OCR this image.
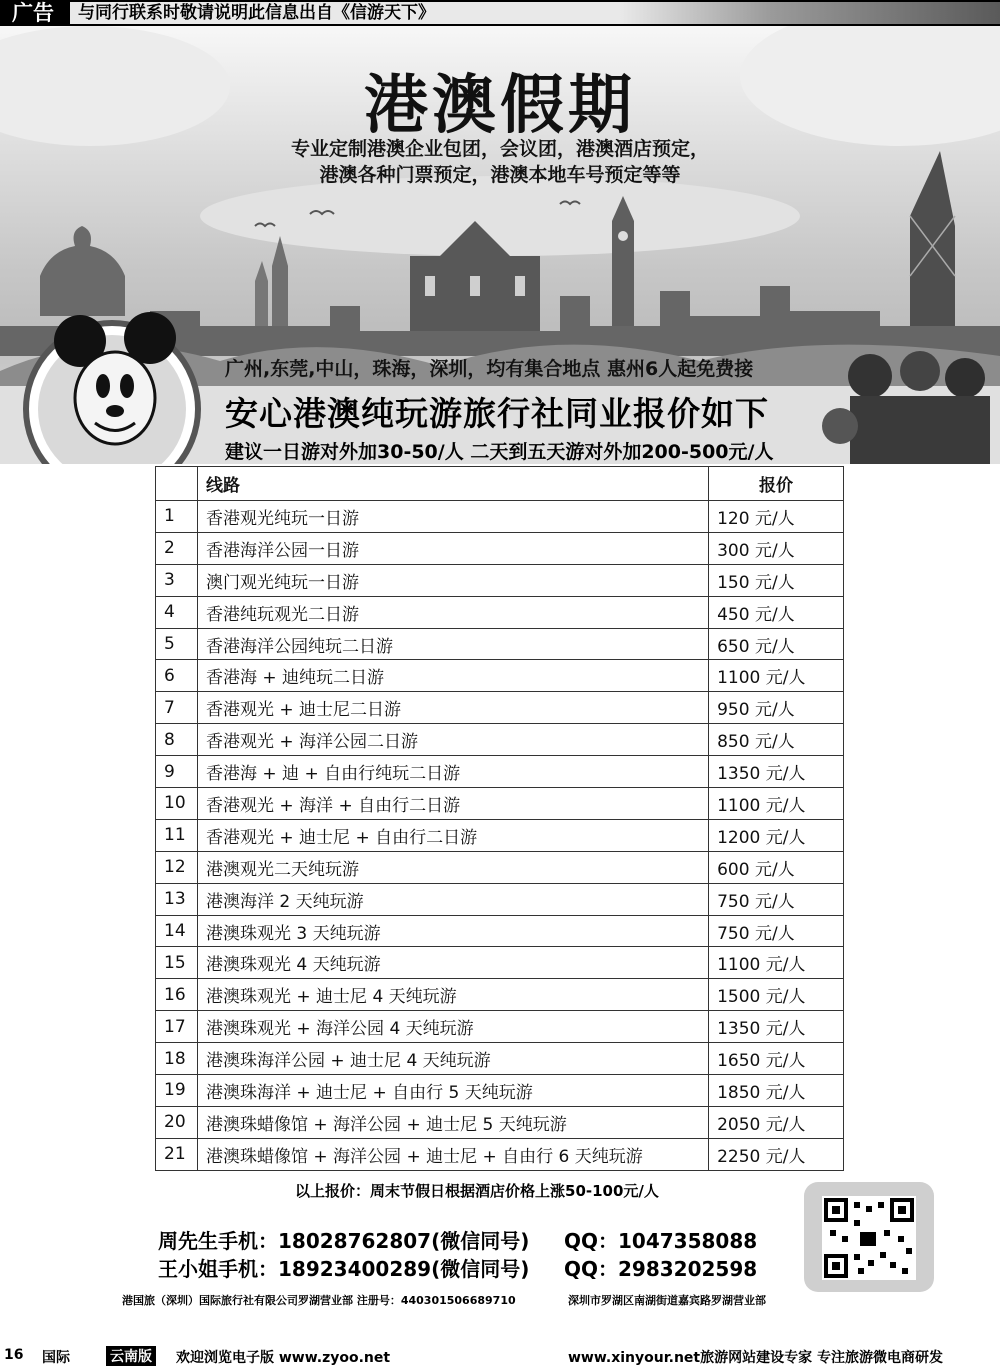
广告	与同行联系时敬请说明此信息出自《信游天下》
港澳假期
专业定制港澳企业包团，会议团，港澳酒店预定，
港澳各种门票预定，港澳本地车号预定等等
广州,东莞,中山，珠海，深圳，均有集合地点 惠州6人起免费接
安心港澳纯玩游旅行社同业报价如下
建议一日游对外加30-50/人 二天到五天游对外加200-500元/人
	线路	报价
1	香港观光纯玩一日游	120 元/人
2	香港海洋公园一日游	300 元/人
3	澳门观光纯玩一日游	150 元/人
4	香港纯玩观光二日游	450 元/人
5	香港海洋公园纯玩二日游	650 元/人
6	香港海 + 迪纯玩二日游	1100 元/人
7	香港观光 + 迪士尼二日游	950 元/人
8	香港观光 + 海洋公园二日游	850 元/人
9	香港海 + 迪 + 自由行纯玩二日游	1350 元/人
10	香港观光 + 海洋 + 自由行二日游	1100 元/人
11	香港观光 + 迪士尼 + 自由行二日游	1200 元/人
12	港澳观光二天纯玩游	600 元/人
13	港澳海洋 2 天纯玩游	750 元/人
14	港澳珠观光 3 天纯玩游	750 元/人
15	港澳珠观光 4 天纯玩游	1100 元/人
16	港澳珠观光 + 迪士尼 4 天纯玩游	1500 元/人
17	港澳珠观光 + 海洋公园 4 天纯玩游	1350 元/人
18	港澳珠海洋公园 + 迪士尼 4 天纯玩游	1650 元/人
19	港澳珠海洋 + 迪士尼 + 自由行 5 天纯玩游	1850 元/人
20	港澳珠蜡像馆 + 海洋公园 + 迪士尼 5 天纯玩游	2050 元/人
21	港澳珠蜡像馆 + 海洋公园 + 迪士尼 + 自由行 6 天纯玩游	2250 元/人
以上报价：周末节假日根据酒店价格上涨50-100元/人
周先生手机：18028762807(微信同号) QQ：1047358088
王小姐手机：18923400289(微信同号) QQ：2983202598
港国旅（深圳）国际旅行社有限公司罗湖营业部 注册号：440301506689710	深圳市罗湖区南湖街道嘉宾路罗湖营业部
16 国际	云南版 欢迎浏览电子版 www.zyoo.net	www.xinyour.net旅游网站建设专家 专注旅游微电商研发
